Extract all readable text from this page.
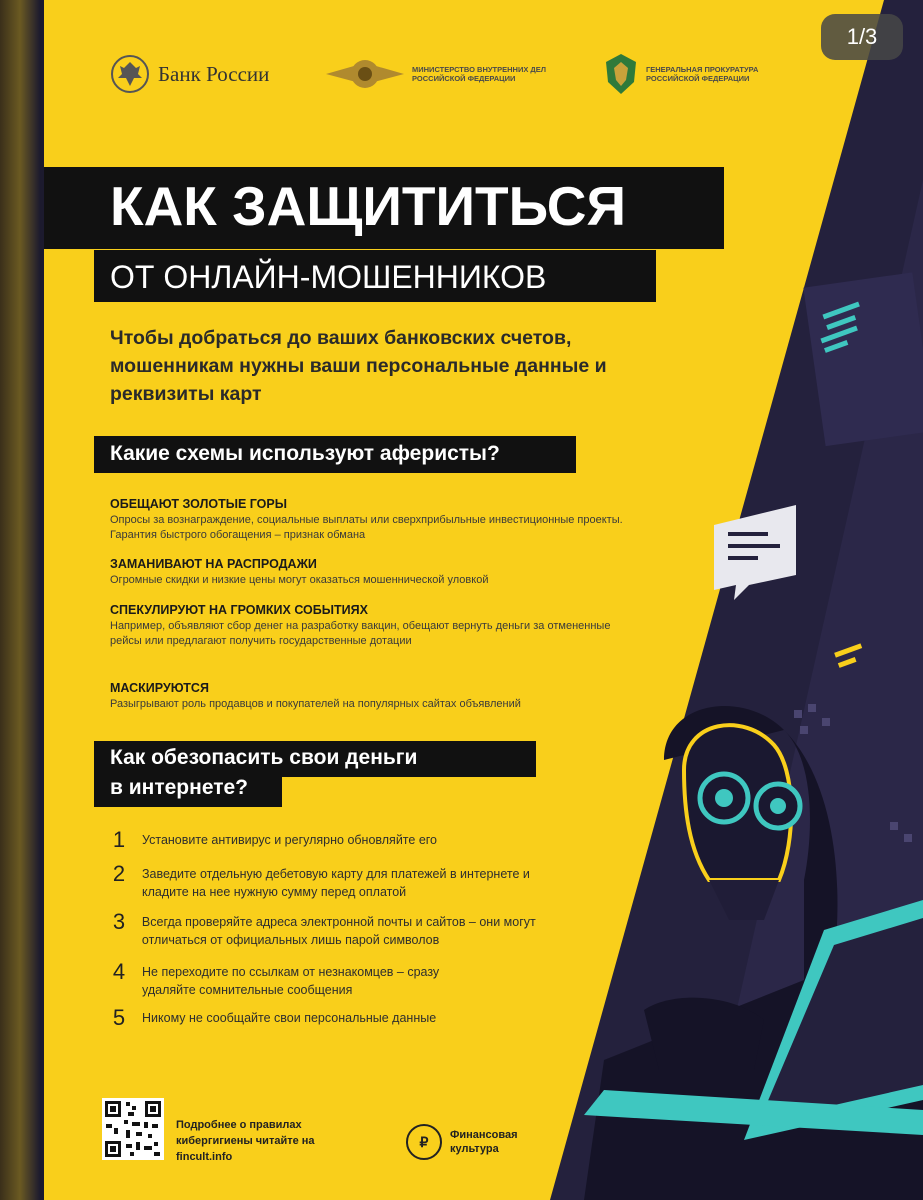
Банк России	МИНИСТЕРСТВО ВНУТРЕННИХ ДЕЛ РОССИЙСКОЙ ФЕДЕРАЦИИ
ГЕНЕРАЛЬНАЯ ПРОКУРАТУРА РОССИЙСКОЙ ФЕДЕРАЦИИ
КАК ЗАЩИТИТЬСЯ
ОТ ОНЛАЙН-МОШЕННИКОВ
Чтобы добраться до ваших банковских счетов, мошенникам нужны ваши персональные данные и реквизиты карт
Какие схемы используют аферисты?
ОБЕЩАЮТ ЗОЛОТЫЕ ГОРЫ
Опросы за вознаграждение, социальные выплаты или сверхприбыльные инвестиционные проекты. Гарантия быстрого обогащения – признак обмана
ЗАМАНИВАЮТ НА РАСПРОДАЖИ
Огромные скидки и низкие цены могут оказаться мошеннической уловкой
СПЕКУЛИРУЮТ НА ГРОМКИХ СОБЫТИЯХ
Например, объявляют сбор денег на разработку вакцин, обещают вернуть деньги за отмененные рейсы или предлагают получить государственные дотации
МАСКИРУЮТСЯ
Разыгрывают роль продавцов и покупателей на популярных сайтах объявлений
Как обезопасить свои деньги
в интернете?
1 Установите антивирус и регулярно обновляйте его
2 Заведите отдельную дебетовую карту для платежей в интернете и кладите на нее нужную сумму перед оплатой
3 Всегда проверяйте адреса электронной почты и сайтов – они могут отличаться от официальных лишь парой символов
4 Не переходите по ссылкам от незнакомцев – сразу удаляйте сомнительные сообщения
5 Никому не сообщайте свои персональные данные
Подробнее о правилах кибергигиены читайте на fincult.info
₽	Финансовая культура
1/3
